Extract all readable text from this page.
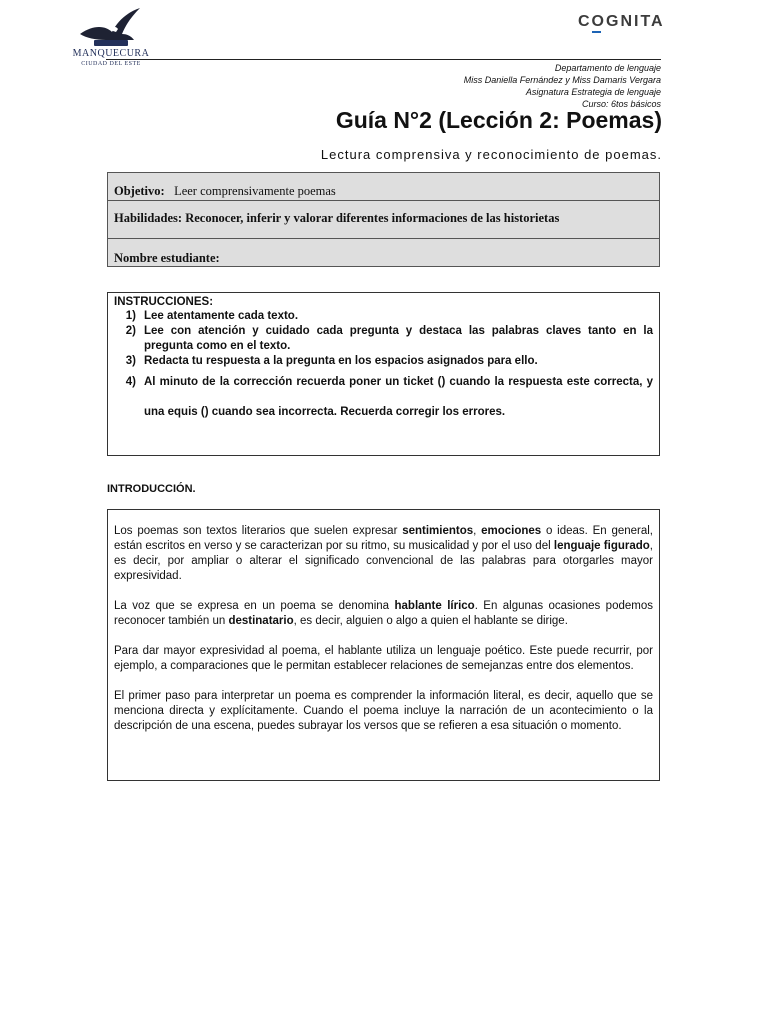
MANQUECURA
CIUDAD DEL ESTE
COGNITA
Departamento de lenguaje
Miss Daniella Fernández y Miss Damaris Vergara
Asignatura Estrategia de lenguaje
Curso: 6tos básicos
Guía N°2 (Lección 2: Poemas)
Lectura comprensiva y reconocimiento de poemas.
Objetivo: Leer comprensivamente poemas
Habilidades: Reconocer, inferir y valorar diferentes informaciones de las historietas
Nombre estudiante:
INSTRUCCIONES:
1) Lee atentamente cada texto.
2) Lee con atención y cuidado cada pregunta y destaca las palabras claves tanto en la pregunta como en el texto.
3) Redacta tu respuesta a la pregunta en los espacios asignados para ello.
4) Al minuto de la corrección recuerda poner un ticket () cuando la respuesta este correcta, y una equis () cuando sea incorrecta. Recuerda corregir los errores.
INTRODUCCIÓN.

Los poemas son textos literarios que suelen expresar sentimientos, emociones o ideas. En general, están escritos en verso y se caracterizan por su ritmo, su musicalidad y por el uso del lenguaje figurado, es decir, por ampliar o alterar el significado convencional de las palabras para otorgarles mayor expresividad.

La voz que se expresa en un poema se denomina hablante lírico. En algunas ocasiones podemos reconocer también un destinatario, es decir, alguien o algo a quien el hablante se dirige.

Para dar mayor expresividad al poema, el hablante utiliza un lenguaje poético. Este puede recurrir, por ejemplo, a comparaciones que le permitan establecer relaciones de semejanzas entre dos elementos.

El primer paso para interpretar un poema es comprender la información literal, es decir, aquello que se menciona directa y explícitamente. Cuando el poema incluye la narración de un acontecimiento o la descripción de una escena, puedes subrayar los versos que se refieren a esa situación o momento.
